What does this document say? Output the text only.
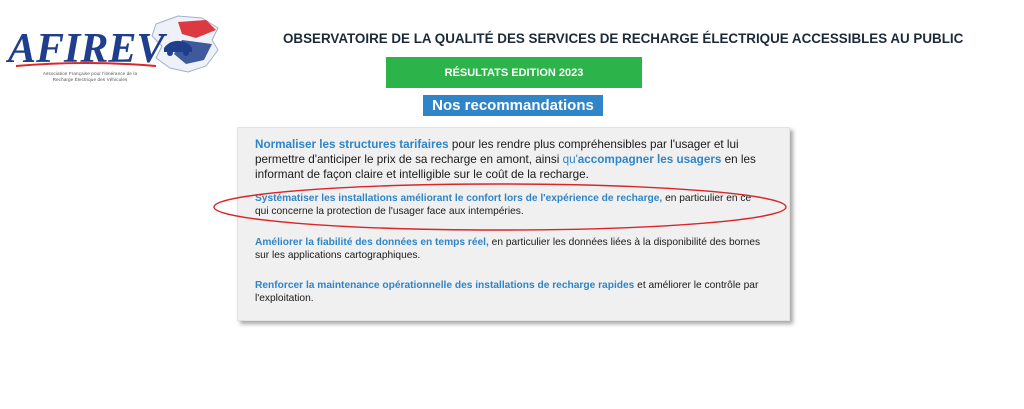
AFIREV
Association Française pour l'itinérance de la
Recharge Électrique des Véhicules
OBSERVATOIRE DE LA QUALITÉ DES SERVICES DE RECHARGE ÉLECTRIQUE ACCESSIBLES AU PUBLIC
RÉSULTATS EDITION 2023
Nos recommandations
Normaliser les structures tarifaires pour les rendre plus compréhensibles par l'usager et lui permettre d'anticiper le prix de sa recharge en amont, ainsi qu'accompagner les usagers en les informant de façon claire et intelligible sur le coût de la recharge.
Systématiser les installations améliorant le confort lors de l'expérience de recharge, en particulier en ce qui concerne la protection de l'usager face aux intempéries.
Améliorer la fiabilité des données en temps réel, en particulier les données liées à la disponibilité des bornes sur les applications cartographiques.
Renforcer la maintenance opérationnelle des installations de recharge rapides et améliorer le contrôle par l'exploitation.
